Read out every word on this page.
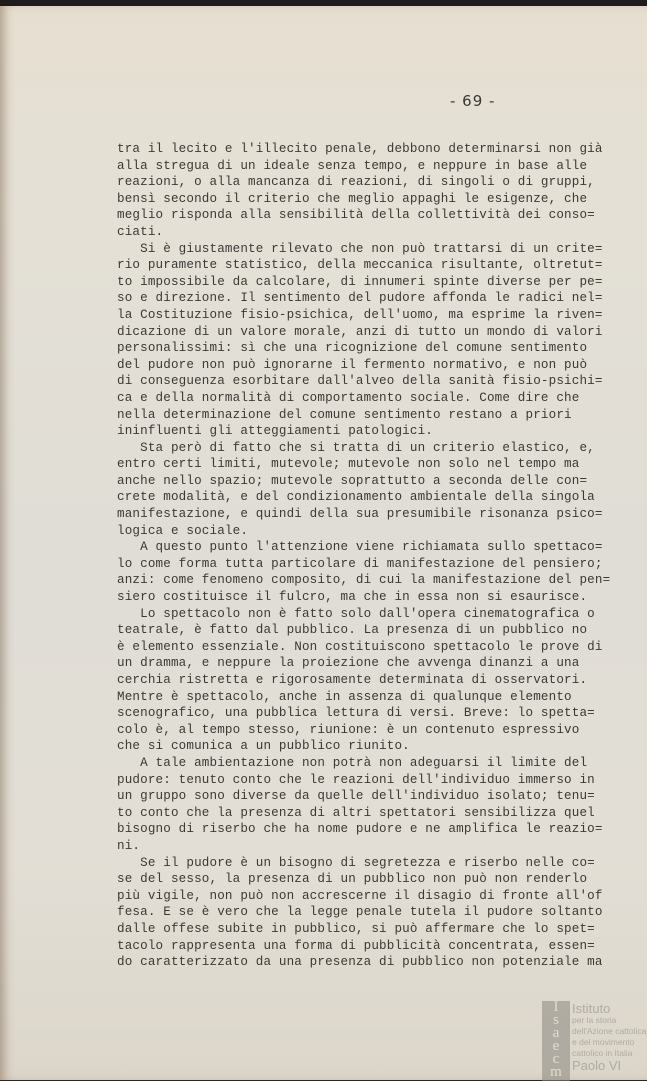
- 69 -
tra il lecito e l'illecito penale, debbono determinarsi non già
alla stregua di un ideale senza tempo, e neppure in base alle
reazioni, o alla mancanza di reazioni, di singoli o di gruppi,
bensì secondo il criterio che meglio appaghi le esigenze, che
meglio risponda alla sensibilità della collettività dei conso=
ciati.
Si è giustamente rilevato che non può trattarsi di un crite=
rio puramente statistico, della meccanica risultante, oltretut=
to impossibile da calcolare, di innumeri spinte diverse per pe=
so e direzione. Il sentimento del pudore affonda le radici nel=
la Costituzione fisio-psichica, dell'uomo, ma esprime la riven=
dicazione di un valore morale, anzi di tutto un mondo di valori
personalissimi: sì che una ricognizione del comune sentimento
del pudore non può ignorarne il fermento normativo, e non può
di conseguenza esorbitare dall'alveo della sanità fisio-psichi=
ca e della normalità di comportamento sociale. Come dire che
nella determinazione del comune sentimento restano a priori
ininfluenti gli atteggiamenti patologici.
Sta però di fatto che si tratta di un criterio elastico, e,
entro certi limiti, mutevole; mutevole non solo nel tempo ma
anche nello spazio; mutevole soprattutto a seconda delle con=
crete modalità, e del condizionamento ambientale della singola
manifestazione, e quindi della sua presumibile risonanza psico=
logica e sociale.
A questo punto l'attenzione viene richiamata sullo spettaco=
lo come forma tutta particolare di manifestazione del pensiero;
anzi: come fenomeno composito, di cui la manifestazione del pen=
siero costituisce il fulcro, ma che in essa non si esaurisce.
Lo spettacolo non è fatto solo dall'opera cinematografica o
teatrale, è fatto dal pubblico. La presenza di un pubblico no
è elemento essenziale. Non costituiscono spettacolo le prove di
un dramma, e neppure la proiezione che avvenga dinanzi a una
cerchia ristretta e rigorosamente determinata di osservatori.
Mentre è spettacolo, anche in assenza di qualunque elemento
scenografico, una pubblica lettura di versi. Breve: lo spetta=
colo è, al tempo stesso, riunione: è un contenuto espressivo
che si comunica a un pubblico riunito.
A tale ambientazione non potrà non adeguarsi il limite del
pudore: tenuto conto che le reazioni dell'individuo immerso in
un gruppo sono diverse da quelle dell'individuo isolato; tenu=
to conto che la presenza di altri spettatori sensibilizza quel
bisogno di riserbo che ha nome pudore e ne amplifica le reazio=
ni.
Se il pudore è un bisogno di segretezza e riserbo nelle co=
se del sesso, la presenza di un pubblico non può non renderlo
più vigile, non può non accrescerne il disagio di fronte all'of
fesa. E se è vero che la legge penale tutela il pudore soltanto
dalle offese subite in pubblico, si può affermare che lo spet=
tacolo rappresenta una forma di pubblicità concentrata, essen=
do caratterizzato da una presenza di pubblico non potenziale ma
I
s
a
e
c
m
Istituto
per la storia
dell'Azione cattolica
e del movimento
cattolico in Italia
Paolo VI
